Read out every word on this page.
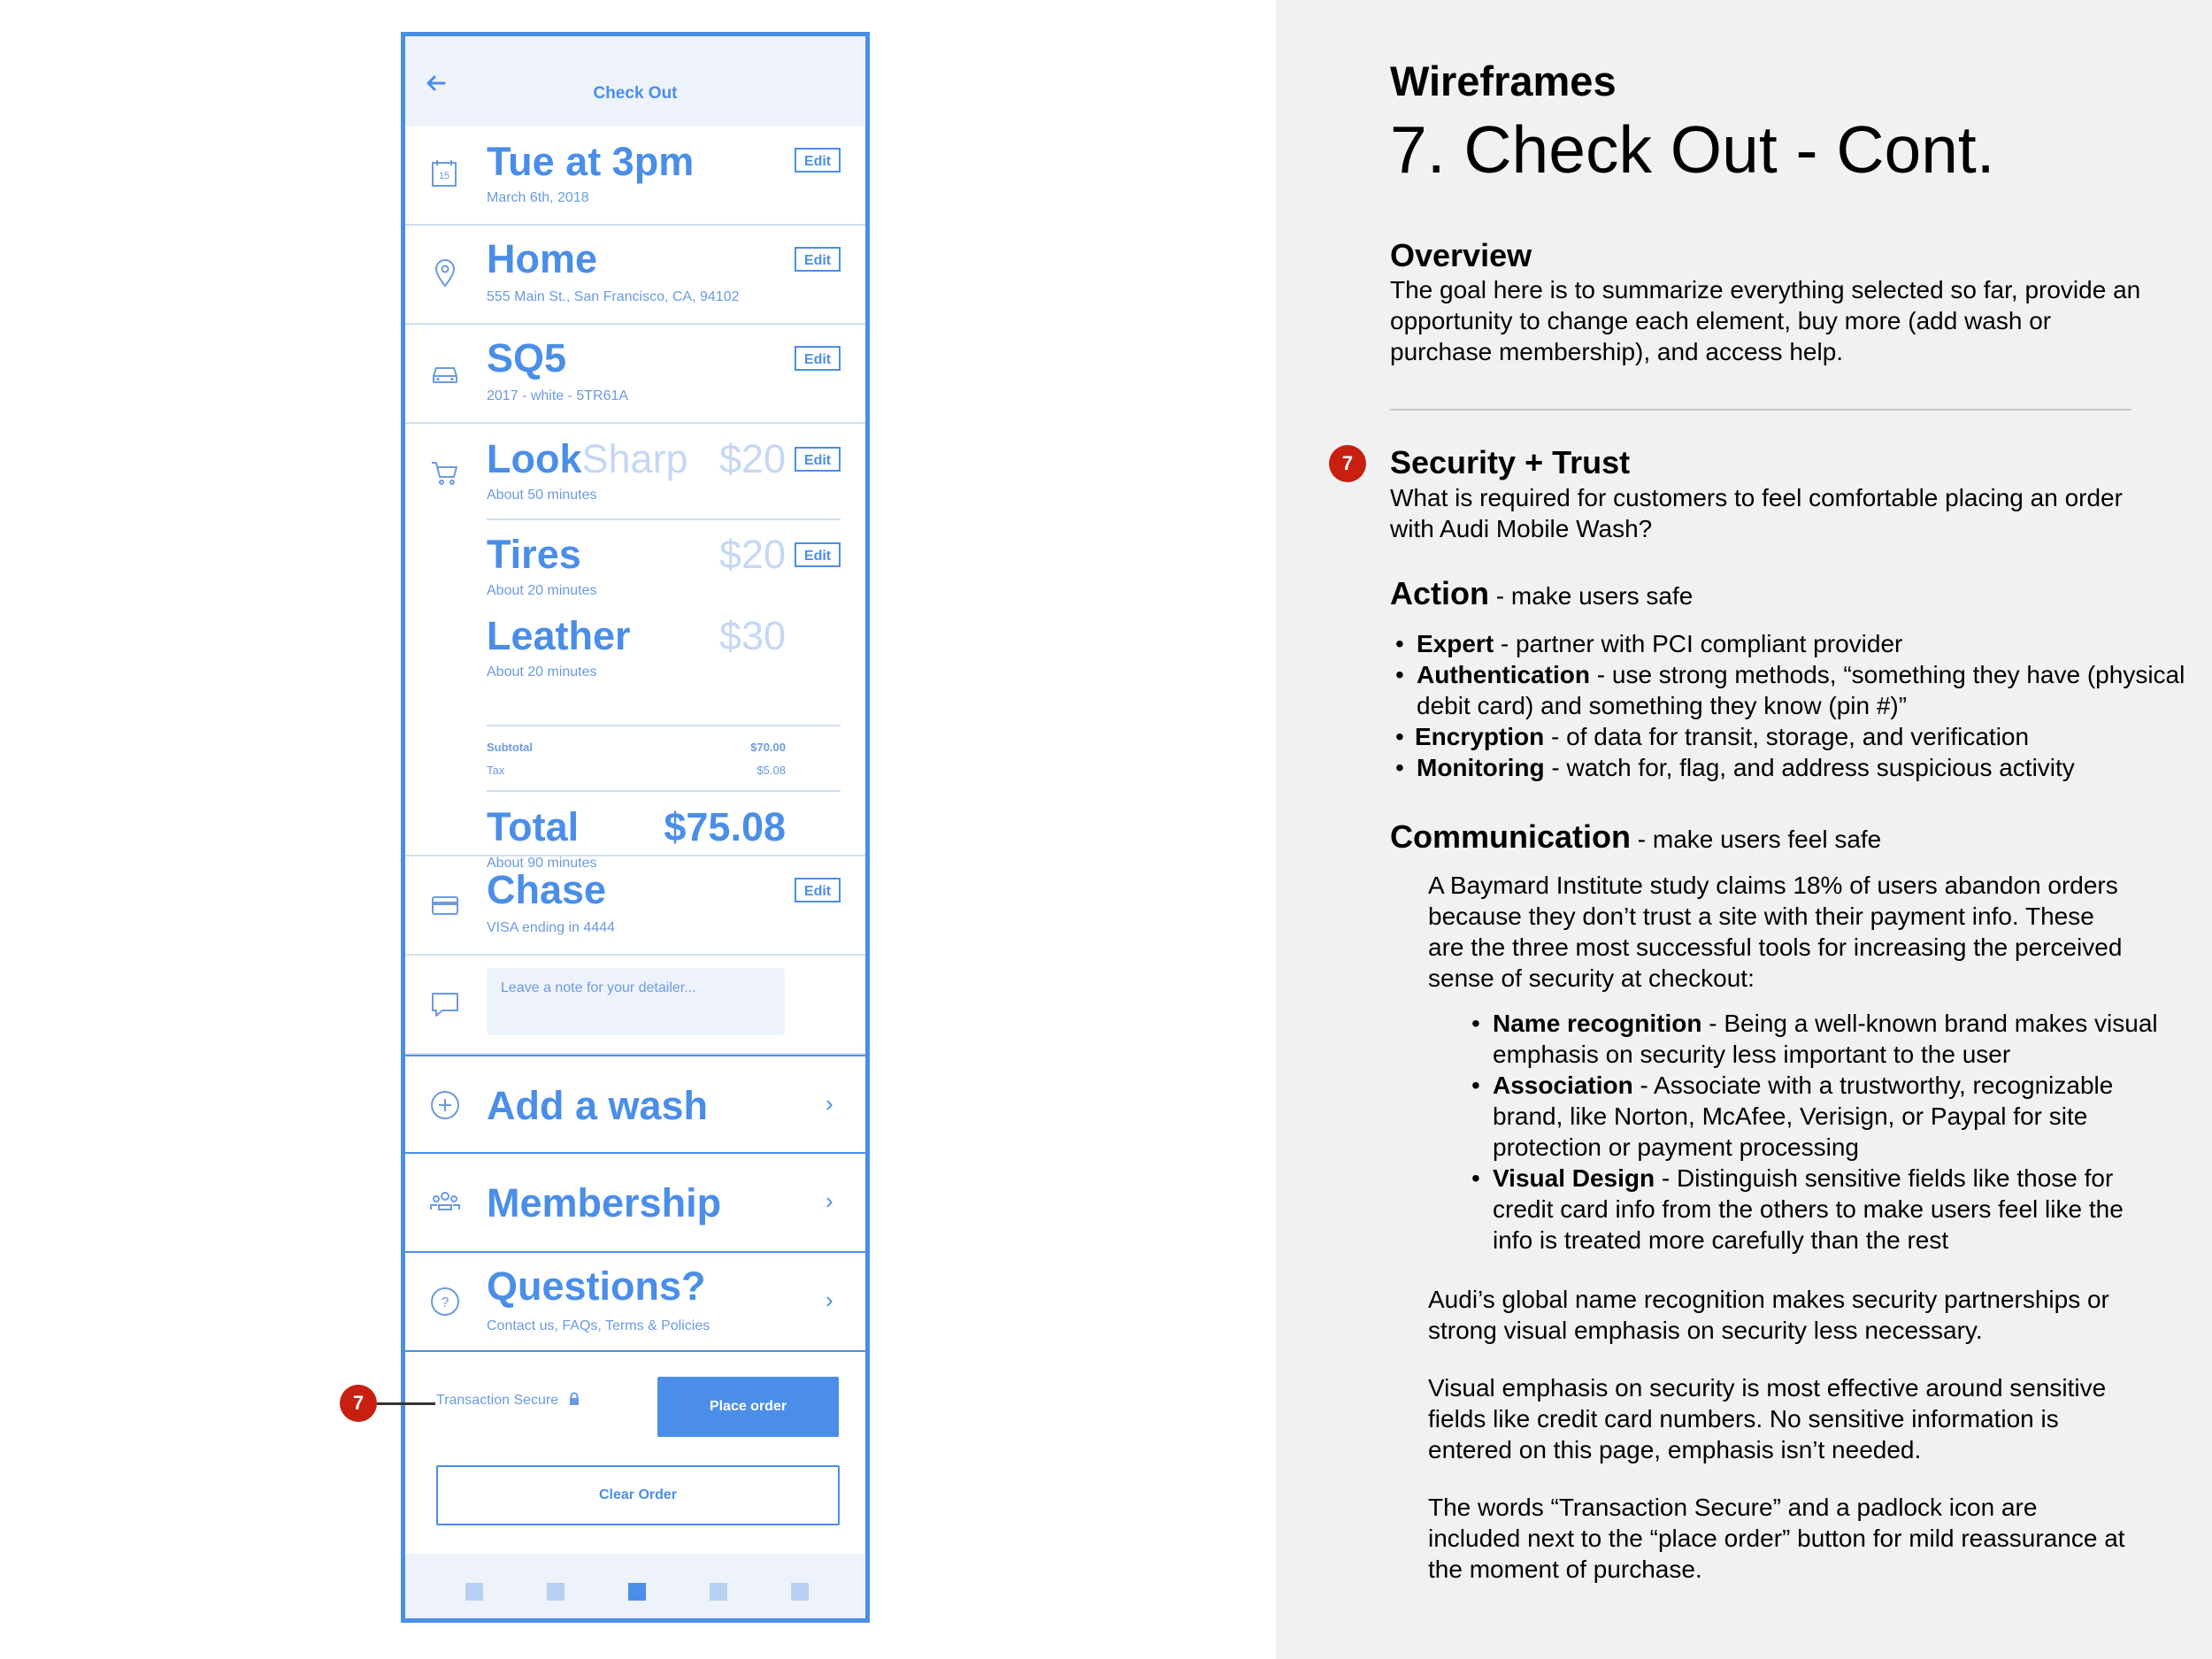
Check Out
15 Tue at 3pm
March 6th, 2018
Edit
Home
555 Main St., San Francisco, CA, 94102
Edit
SQ5
2017 - white - 5TR61A
Edit
LookSharp $20	Edit
About 50 minutes
Tires	$20	Edit
About 20 minutes
Leather $30
About 20 minutes
Subtotal	$70.00
Tax	$5.08
Total	$75.08
About 90 minutes
Chase
VISA ending in 4444
Edit
Leave a note for your detailer...
Add a wash	›
Membership	›
? Questions?
Contact us, FAQs, Terms & Policies
›
Transaction Secure	Place order
Clear Order
7
Wireframes
7. Check Out - Cont.
Overview
The goal here is to summarize everything selected so far, provide an opportunity to change each element, buy more (add wash or purchase membership), and access help.
7	Security + Trust
What is required for customers to feel comfortable placing an order with Audi Mobile Wash?
Action - make users safe
• Expert - partner with PCI compliant provider
• Authentication - use strong methods, “something they have (physical debit card) and something they know (pin #)”
• Encryption - of data for transit, storage, and verification
• Monitoring - watch for, flag, and address suspicious activity
Communication - make users feel safe
A Baymard Institute study claims 18% of users abandon orders because they don’t trust a site with their payment info. These are the three most successful tools for increasing the perceived sense of security at checkout:
• Name recognition - Being a well-known brand makes visual emphasis on security less important to the user
• Association - Associate with a trustworthy, recognizable brand, like Norton, McAfee, Verisign, or Paypal for site protection or payment processing
• Visual Design - Distinguish sensitive fields like those for credit card info from the others to make users feel like the info is treated more carefully than the rest
Audi’s global name recognition makes security partnerships or strong visual emphasis on security less necessary.
Visual emphasis on security is most effective around sensitive fields like credit card numbers. No sensitive information is entered on this page, emphasis isn’t needed.
The words “Transaction Secure” and a padlock icon are included next to the “place order” button for mild reassurance at the moment of purchase.
